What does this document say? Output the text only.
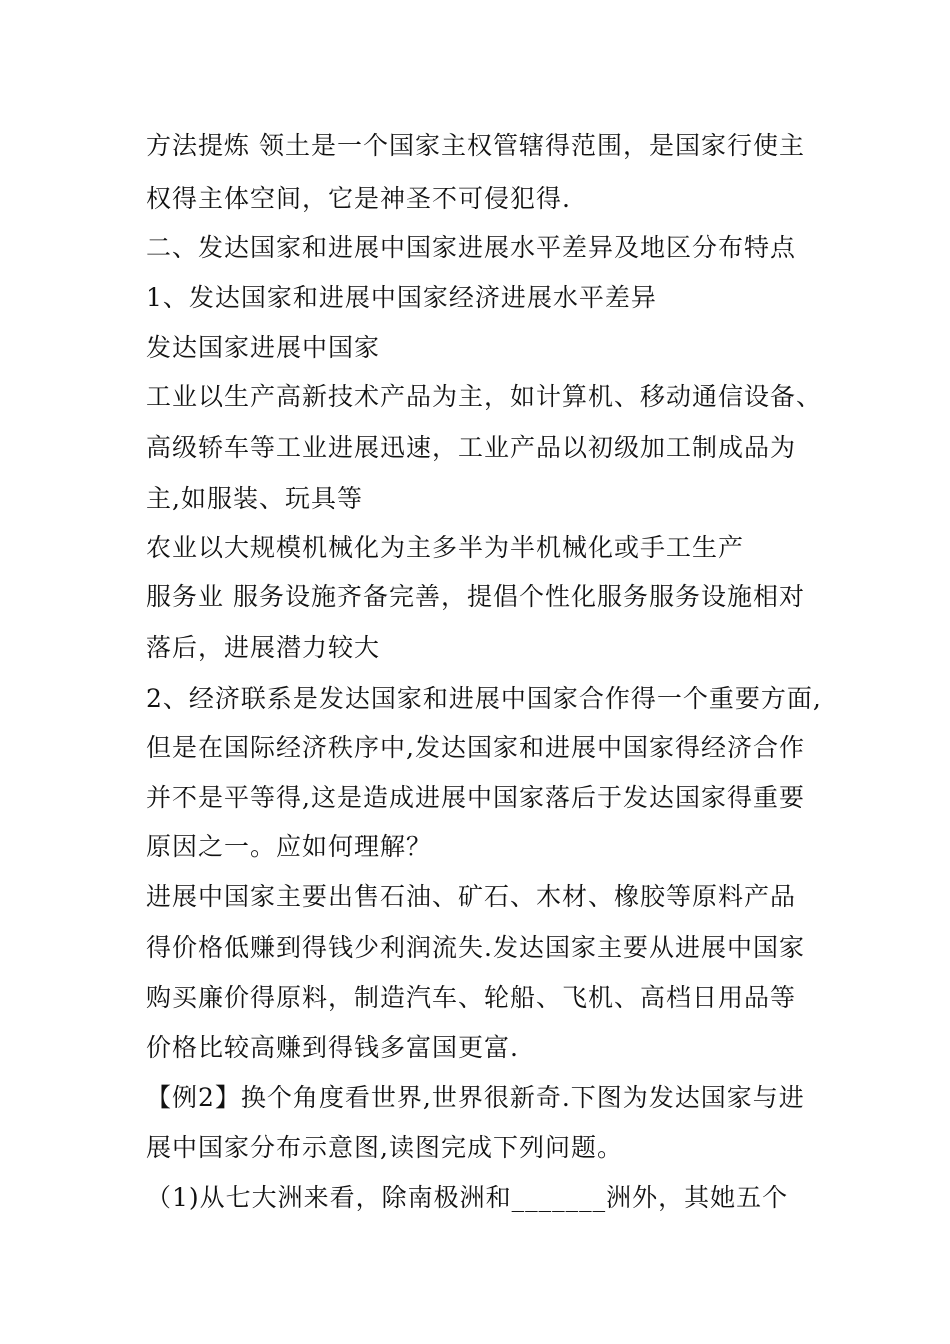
方法提炼 领土是一个国家主权管辖得范围，是国家行使主
权得主体空间，它是神圣不可侵犯得.
二、发达国家和进展中国家进展水平差异及地区分布特点
1、发达国家和进展中国家经济进展水平差异
发达国家进展中国家
工业以生产高新技术产品为主，如计算机、移动通信设备、
高级轿车等工业进展迅速，工业产品以初级加工制成品为
主,如服装、玩具等
农业以大规模机械化为主多半为半机械化或手工生产
服务业 服务设施齐备完善，提倡个性化服务服务设施相对
落后，进展潜力较大
2、经济联系是发达国家和进展中国家合作得一个重要方面,
但是在国际经济秩序中,发达国家和进展中国家得经济合作
并不是平等得,这是造成进展中国家落后于发达国家得重要
原因之一。应如何理解？
进展中国家主要出售石油、矿石、木材、橡胶等原料产品
得价格低赚到得钱少利润流失.发达国家主要从进展中国家
购买廉价得原料，制造汽车、轮船、飞机、高档日用品等
价格比较高赚到得钱多富国更富.
【例2】换个角度看世界,世界很新奇.下图为发达国家与进
展中国家分布示意图,读图完成下列问题。
（1)从七大洲来看，除南极洲和_______洲外，其她五个
